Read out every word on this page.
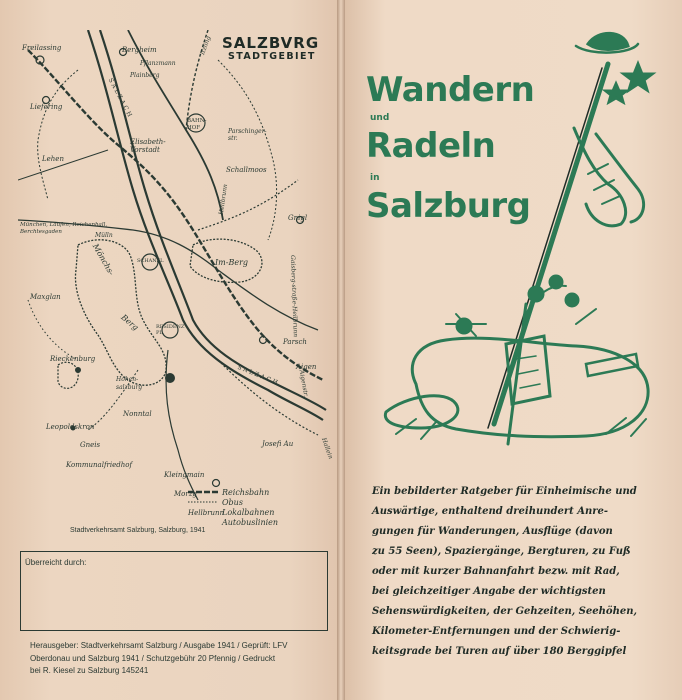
SALZBVRG
STADTGEBIET
Freilassing	Bergheim
Pflanzmann
Plainberg
Itzling
Liefering	SALZACH
Elisabeth-Vorstadt
BAHN-HOF	Parschinger-str.
Lehen
Schallmoos
Heilbrunn
München, Laufen, Reichenhall, Berchtesgaden
Gnigl
Mülln
Mönchs-
Berg
Im-Berg	Gaisberg-straße-Heilbrunn
SCHANZL
Maxglan
RESIDENZ PL.
Parsch
Rieckenburg
Aigen
Hohen-salzburg
Nonntal
SALZACH	Aigenstr.
Leopoldskron
Gneis	Josefi Au	Hallein
Kommunalfriedhof
Kleingmain
Morzg
Hellbrunn
Reichsbahn
Obus
Lokalbahnen
Autobuslinien
Stadtverkehrsamt Salzburg, Salzburg, 1941
Überreicht durch:
Herausgeber: Stadtverkehrsamt Salzburg / Ausgabe 1941 / Geprüft: LFV
Oberdonau und Salzburg 1941 / Schutzgebühr 20 Pfennig / Gedruckt
bei R. Kiesel zu Salzburg 145241
Wandern
und
Radeln
in
Salzburg
Ein bebilderter Ratgeber für Einheimische und
Auswärtige, enthaltend dreihundert Anre-
gungen für Wanderungen, Ausflüge (davon
zu 55 Seen), Spaziergänge, Bergturen, zu Fuß
oder mit kurzer Bahnanfahrt bezw. mit Rad,
bei gleichzeitiger Angabe der wichtigsten
Sehenswürdigkeiten, der Gehzeiten, Seehöhen,
Kilometer-Entfernungen und der Schwierig-
keitsgrade bei Turen auf über 180 Berggipfel
